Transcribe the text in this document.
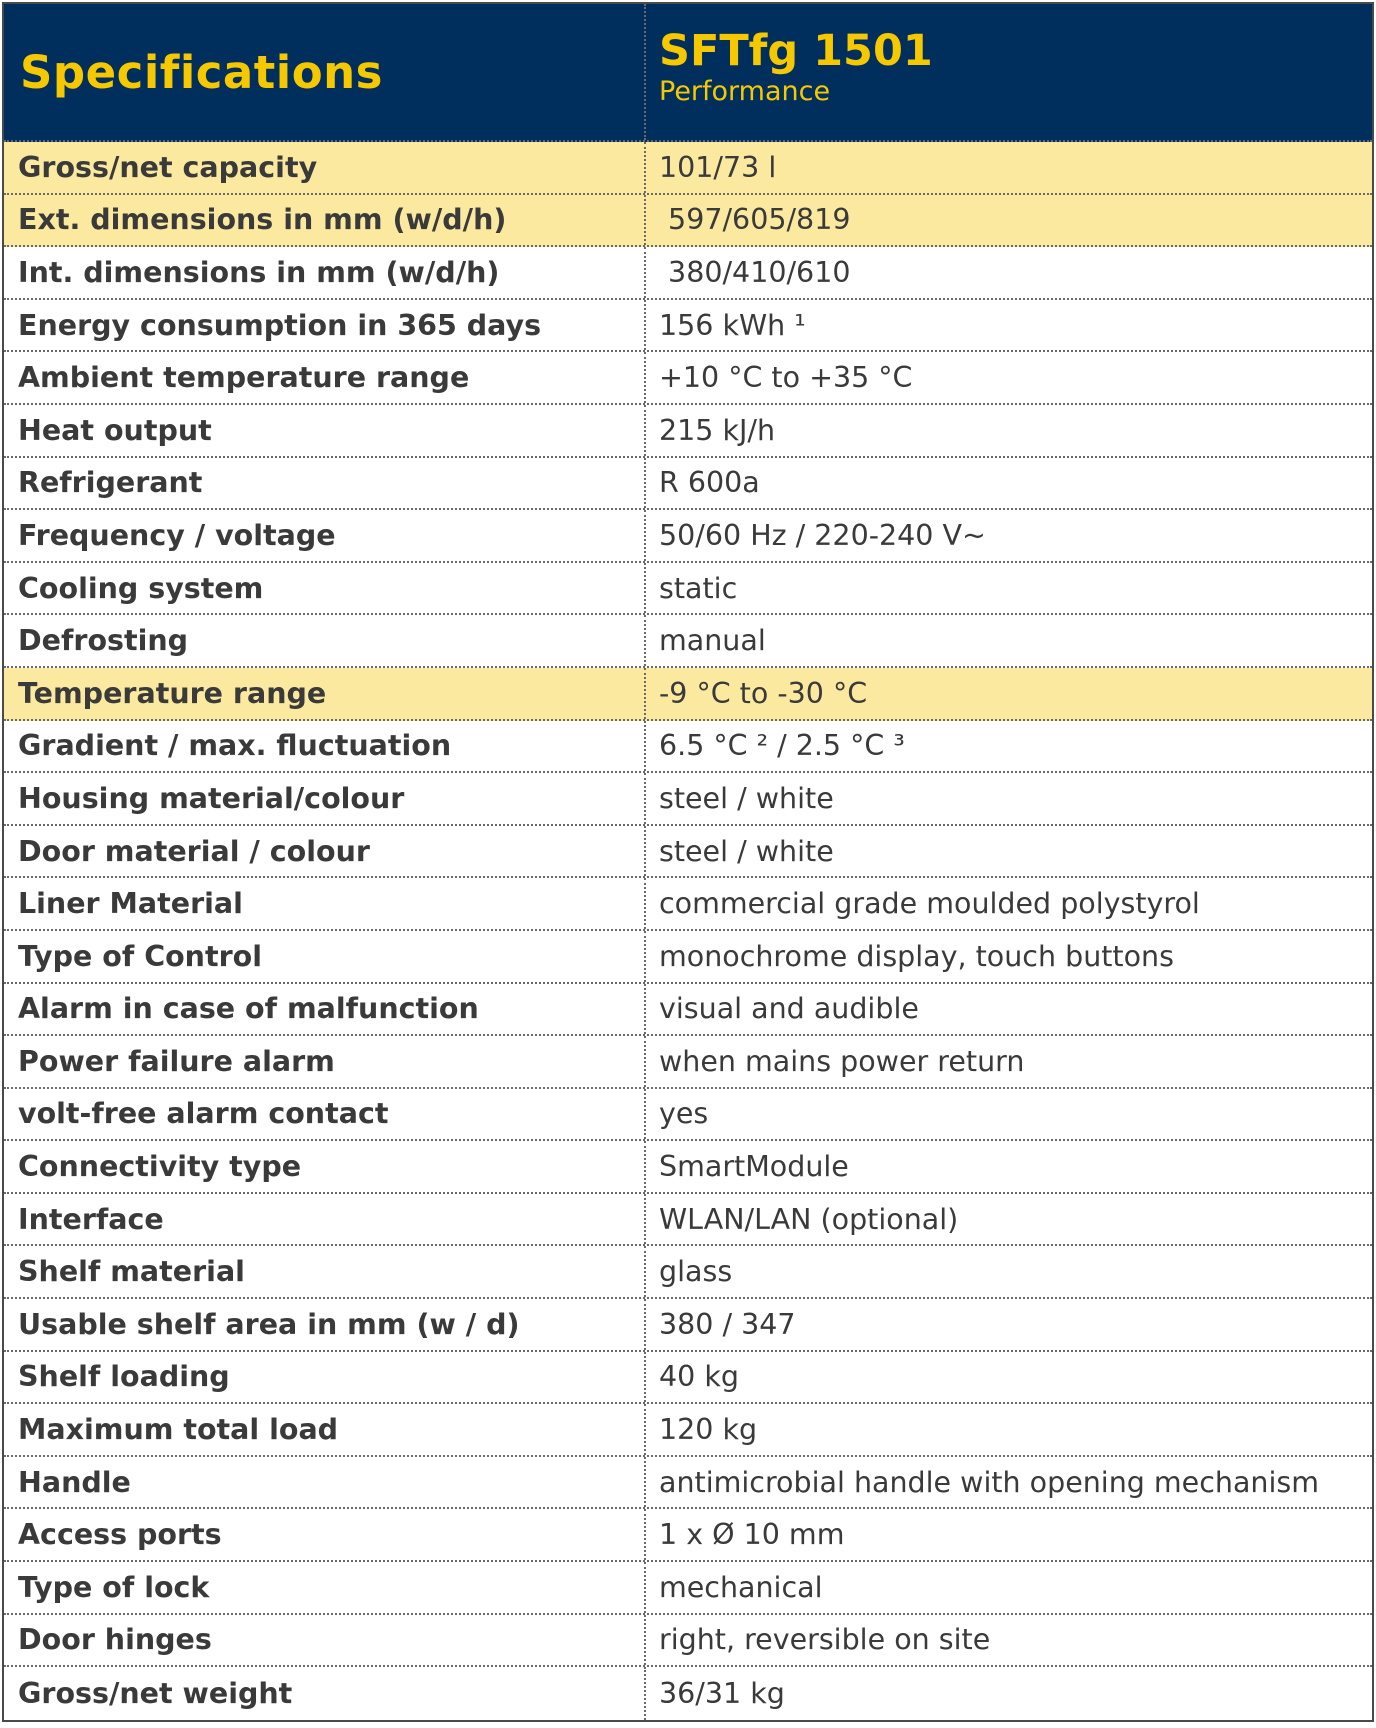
Specifications	SFTfg 1501
Performance
Gross/net capacity	101/73 l
Ext. dimensions in mm (w/d/h)	597/605/819
Int. dimensions in mm (w/d/h)	380/410/610
Energy consumption in 365 days	156 kWh ¹
Ambient temperature range	+10 °C to +35 °C
Heat output	215 kJ/h
Refrigerant	R 600a
Frequency / voltage	50/60 Hz / 220-240 V~
Cooling system	static
Defrosting	manual
Temperature range	-9 °C to -30 °C
Gradient / max. fluctuation	6.5 °C ² / 2.5 °C ³
Housing material/colour	steel / white
Door material / colour	steel / white
Liner Material	commercial grade moulded polystyrol
Type of Control	monochrome display, touch buttons
Alarm in case of malfunction	visual and audible
Power failure alarm	when mains power return
volt-free alarm contact	yes
Connectivity type	SmartModule
Interface	WLAN/LAN (optional)
Shelf material	glass
Usable shelf area in mm (w / d)	380 / 347
Shelf loading	40 kg
Maximum total load	120 kg
Handle	antimicrobial handle with opening mechanism
Access ports	1 x Ø 10 mm
Type of lock	mechanical
Door hinges	right, reversible on site
Gross/net weight	36/31 kg
